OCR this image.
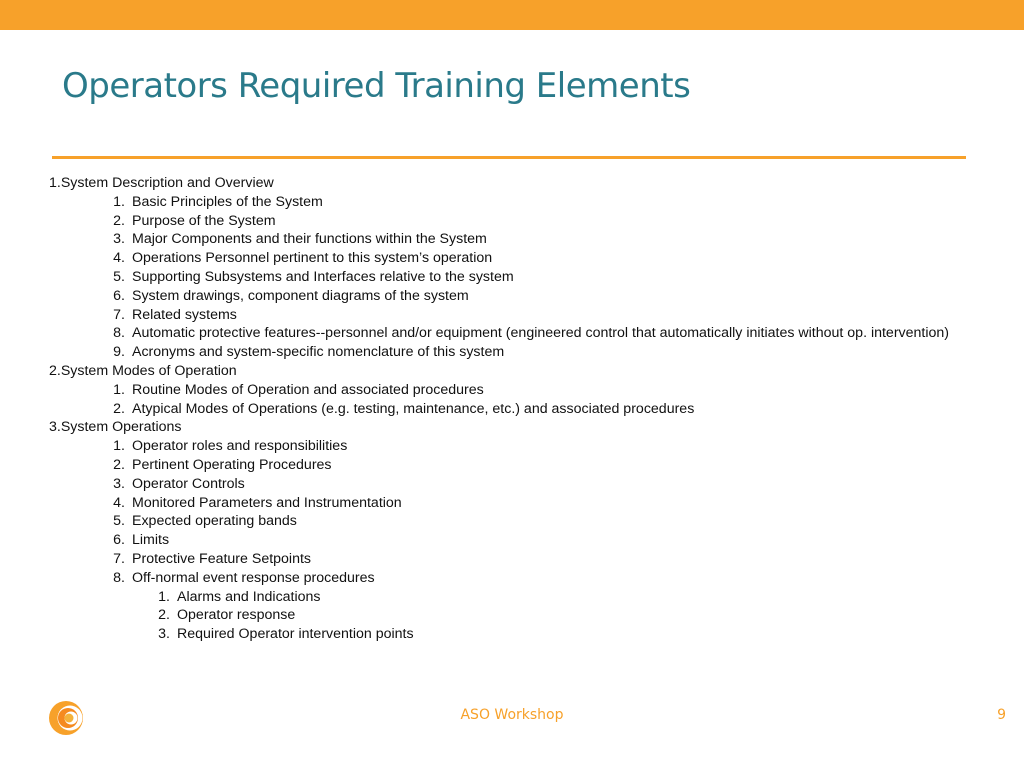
Operators Required Training Elements
1. System Description and Overview
1. Basic Principles of the System
2. Purpose of the System
3. Major Components and their functions within the System
4. Operations Personnel pertinent to this system’s operation
5. Supporting Subsystems and Interfaces relative to the system
6. System drawings, component diagrams of the system
7. Related systems
8. Automatic protective features--personnel and/or equipment (engineered control that automatically initiates without op. intervention)
9. Acronyms and system-specific nomenclature of this system
2. System Modes of Operation
1. Routine Modes of Operation and associated procedures
2. Atypical Modes of Operations (e.g. testing, maintenance, etc.) and associated procedures
3. System Operations
1. Operator roles and responsibilities
2. Pertinent Operating Procedures
3. Operator Controls
4. Monitored Parameters and Instrumentation
5. Expected operating bands
6. Limits
7. Protective Feature Setpoints
8. Off-normal event response procedures
1. Alarms and Indications
2. Operator response
3. Required Operator intervention points
ASO Workshop	9
